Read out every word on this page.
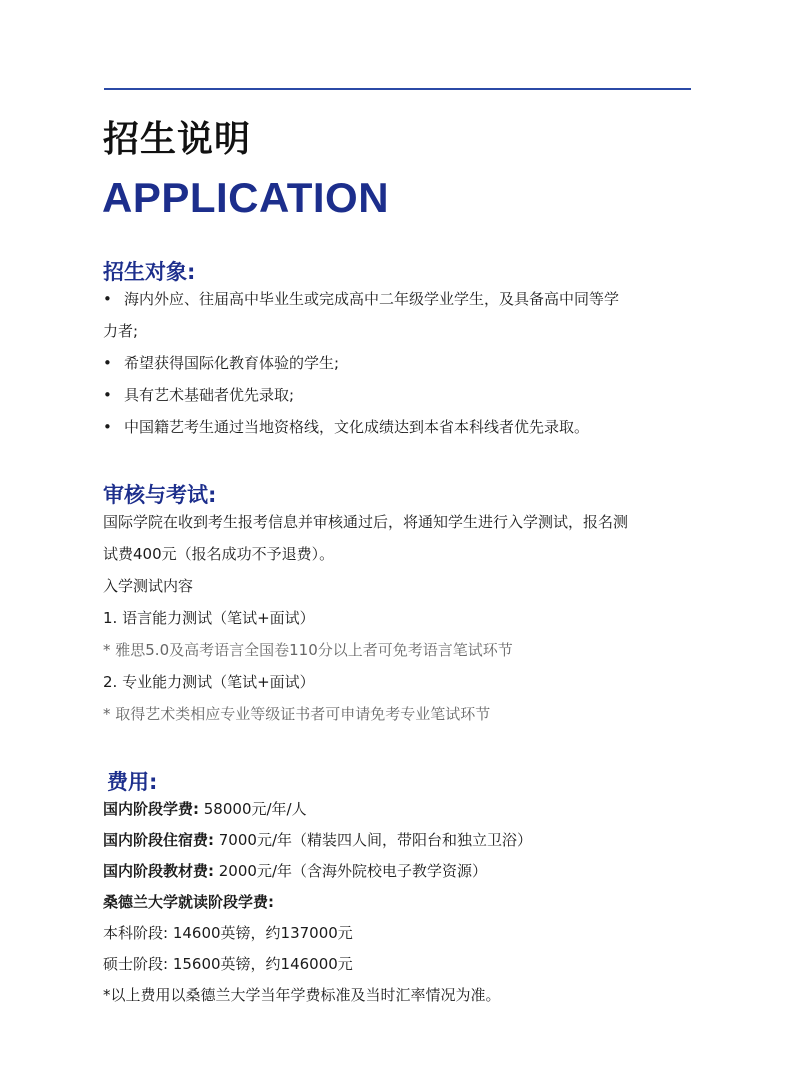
招生说明
APPLICATION
招生对象:
• 海内外应、往届高中毕业生或完成高中二年级学业学生，及具备高中同等学
力者;
• 希望获得国际化教育体验的学生;
• 具有艺术基础者优先录取;
• 中国籍艺考生通过当地资格线，文化成绩达到本省本科线者优先录取。
审核与考试:
国际学院在收到考生报考信息并审核通过后，将通知学生进行入学测试，报名测
试费400元（报名成功不予退费）。
入学测试内容
1. 语言能力测试（笔试+面试）
* 雅思5.0及高考语言全国卷110分以上者可免考语言笔试环节
2. 专业能力测试（笔试+面试）
* 取得艺术类相应专业等级证书者可申请免考专业笔试环节
费用:
国内阶段学费: 58000元/年/人
国内阶段住宿费: 7000元/年（精装四人间，带阳台和独立卫浴）
国内阶段教材费: 2000元/年（含海外院校电子教学资源）
桑德兰大学就读阶段学费:
本科阶段: 14600英镑，约137000元
硕士阶段: 15600英镑，约146000元
*以上费用以桑德兰大学当年学费标准及当时汇率情况为准。
